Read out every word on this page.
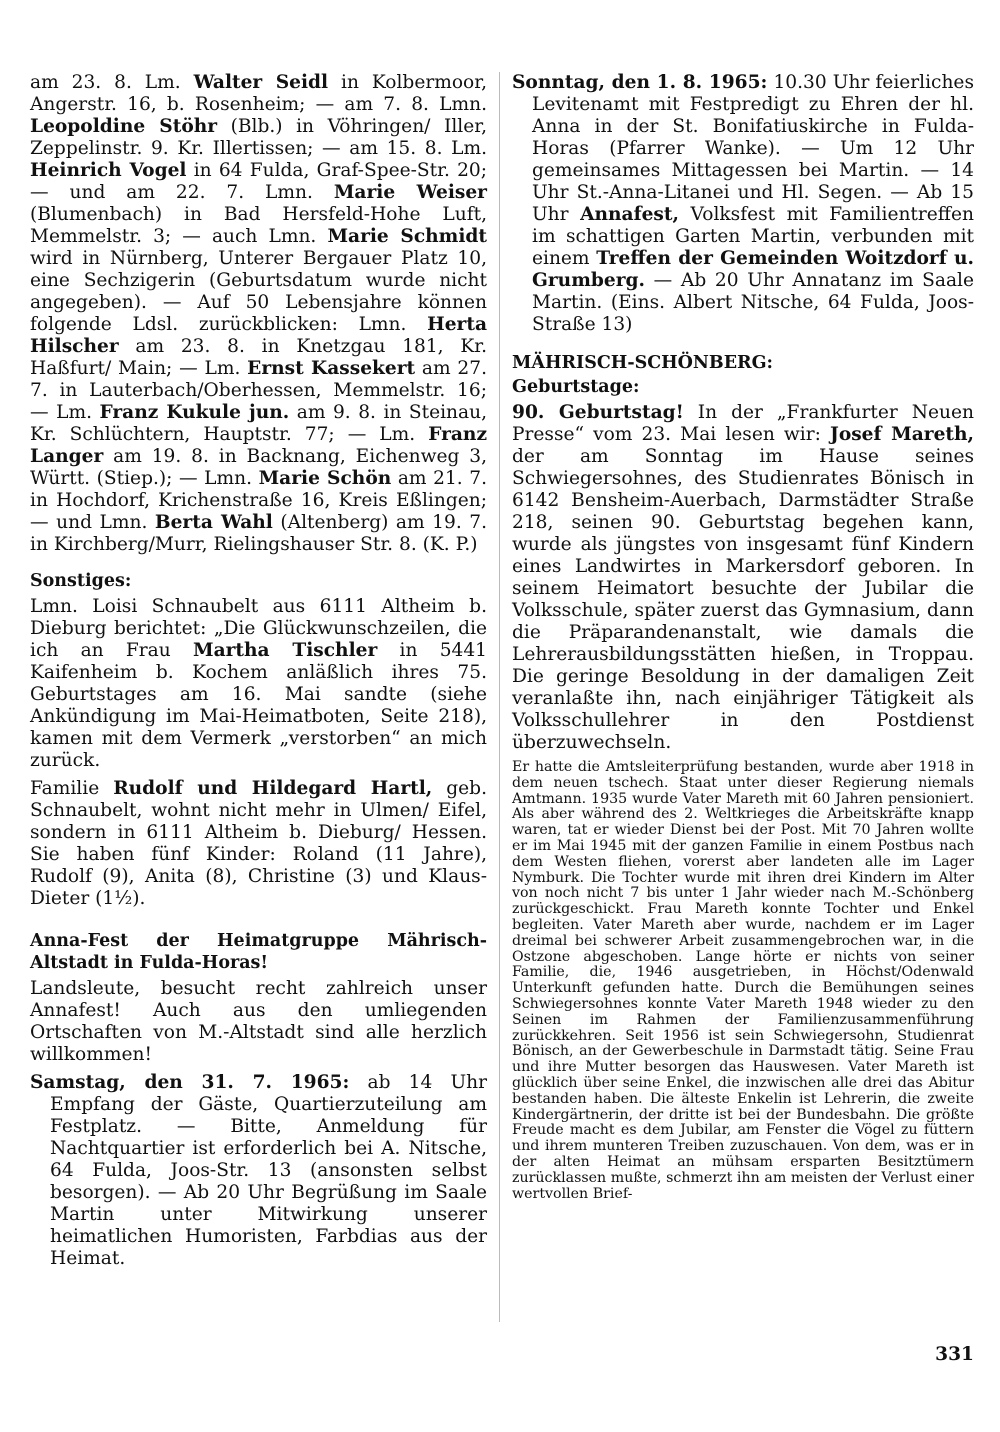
am 23. 8. Lm. Walter Seidl in Kolbermoor, Angerstr. 16, b. Rosenheim; — am 7. 8. Lmn. Leopoldine Stöhr (Blb.) in Vöhringen/ Iller, Zeppelinstr. 9. Kr. Illertissen; — am 15. 8. Lm. Heinrich Vogel in 64 Fulda, Graf-Spee-Str. 20; — und am 22. 7. Lmn. Marie Weiser (Blumenbach) in Bad Hersfeld-Hohe Luft, Memmelstr. 3; — auch Lmn. Marie Schmidt wird in Nürnberg, Unterer Bergauer Platz 10, eine Sechzigerin (Geburtsdatum wurde nicht angegeben). — Auf 50 Lebensjahre können folgende Ldsl. zurückblicken: Lmn. Herta Hilscher am 23. 8. in Knetzgau 181, Kr. Haßfurt/ Main; — Lm. Ernst Kassekert am 27. 7. in Lauterbach/Oberhessen, Memmelstr. 16; — Lm. Franz Kukule jun. am 9. 8. in Steinau, Kr. Schlüchtern, Hauptstr. 77; — Lm. Franz Langer am 19. 8. in Backnang, Eichenweg 3, Württ. (Stiep.); — Lmn. Marie Schön am 21. 7. in Hochdorf, Krichenstraße 16, Kreis Eßlingen; — und Lmn. Berta Wahl (Altenberg) am 19. 7. in Kirchberg/Murr, Rielingshauser Str. 8. (K. P.)

Sonstiges:

Lmn. Loisi Schnaubelt aus 6111 Altheim b. Dieburg berichtet: „Die Glückwunschzeilen, die ich an Frau Martha Tischler in 5441 Kaifenheim b. Kochem anläßlich ihres 75. Geburtstages am 16. Mai sandte (siehe Ankündigung im Mai-Heimatboten, Seite 218), kamen mit dem Vermerk „verstorben“ an mich zurück.

Familie Rudolf und Hildegard Hartl, geb. Schnaubelt, wohnt nicht mehr in Ulmen/ Eifel, sondern in 6111 Altheim b. Dieburg/ Hessen. Sie haben fünf Kinder: Roland (11 Jahre), Rudolf (9), Anita (8), Christine (3) und Klaus-Dieter (1½).

Anna-Fest der Heimatgruppe Mährisch-Altstadt in Fulda-Horas!

Landsleute, besucht recht zahlreich unser Annafest! Auch aus den umliegenden Ortschaften von M.-Altstadt sind alle herzlich willkommen!

Samstag, den 31. 7. 1965: ab 14 Uhr Empfang der Gäste, Quartierzuteilung am Festplatz. — Bitte, Anmeldung für Nachtquartier ist erforderlich bei A. Nitsche, 64 Fulda, Joos-Str. 13 (ansonsten selbst besorgen). — Ab 20 Uhr Begrüßung im Saale Martin unter Mitwirkung unserer heimatlichen Humoristen, Farbdias aus der Heimat.

Sonntag, den 1. 8. 1965: 10.30 Uhr feierliches Levitenamt mit Festpredigt zu Ehren der hl. Anna in der St. Bonifatiuskirche in Fulda-Horas (Pfarrer Wanke). — Um 12 Uhr gemeinsames Mittagessen bei Martin. — 14 Uhr St.-Anna-Litanei und Hl. Segen. — Ab 15 Uhr Annafest, Volksfest mit Familientreffen im schattigen Garten Martin, verbunden mit einem Treffen der Gemeinden Woitzdorf u. Grumberg. — Ab 20 Uhr Annatanz im Saale Martin. (Eins. Albert Nitsche, 64 Fulda, Joos-Straße 13)

MÄHRISCH-SCHÖNBERG:

Geburtstage:

90. Geburtstag! In der „Frankfurter Neuen Presse“ vom 23. Mai lesen wir: Josef Mareth, der am Sonntag im Hause seines Schwiegersohnes, des Studienrates Bönisch in 6142 Bensheim-Auerbach, Darmstädter Straße 218, seinen 90. Geburtstag begehen kann, wurde als jüngstes von insgesamt fünf Kindern eines Landwirtes in Markersdorf geboren. In seinem Heimatort besuchte der Jubilar die Volksschule, später zuerst das Gymnasium, dann die Präparandenanstalt, wie damals die Lehrerausbildungsstätten hießen, in Troppau. Die geringe Besoldung in der damaligen Zeit veranlaßte ihn, nach einjähriger Tätigkeit als Volksschullehrer in den Postdienst überzuwechseln.

Er hatte die Amtsleiterprüfung bestanden, wurde aber 1918 in dem neuen tschech. Staat unter dieser Regierung niemals Amtmann. 1935 wurde Vater Mareth mit 60 Jahren pensioniert. Als aber während des 2. Weltkrieges die Arbeitskräfte knapp waren, tat er wieder Dienst bei der Post. Mit 70 Jahren wollte er im Mai 1945 mit der ganzen Familie in einem Postbus nach dem Westen fliehen, vorerst aber landeten alle im Lager Nymburk. Die Tochter wurde mit ihren drei Kindern im Alter von noch nicht 7 bis unter 1 Jahr wieder nach M.-Schönberg zurückgeschickt. Frau Mareth konnte Tochter und Enkel begleiten. Vater Mareth aber wurde, nachdem er im Lager dreimal bei schwerer Arbeit zusammengebrochen war, in die Ostzone abgeschoben. Lange hörte er nichts von seiner Familie, die, 1946 ausgetrieben, in Höchst/Odenwald Unterkunft gefunden hatte. Durch die Bemühungen seines Schwiegersohnes konnte Vater Mareth 1948 wieder zu den Seinen im Rahmen der Familienzusammenführung zurückkehren. Seit 1956 ist sein Schwiegersohn, Studienrat Bönisch, an der Gewerbeschule in Darmstadt tätig. Seine Frau und ihre Mutter besorgen das Hauswesen. Vater Mareth ist glücklich über seine Enkel, die inzwischen alle drei das Abitur bestanden haben. Die älteste Enkelin ist Lehrerin, die zweite Kindergärtnerin, der dritte ist bei der Bundesbahn. Die größte Freude macht es dem Jubilar, am Fenster die Vögel zu füttern und ihrem munteren Treiben zuzuschauen. Von dem, was er in der alten Heimat an mühsam ersparten Besitztümern zurücklassen mußte, schmerzt ihn am meisten der Verlust einer wertvollen Brief-

331
